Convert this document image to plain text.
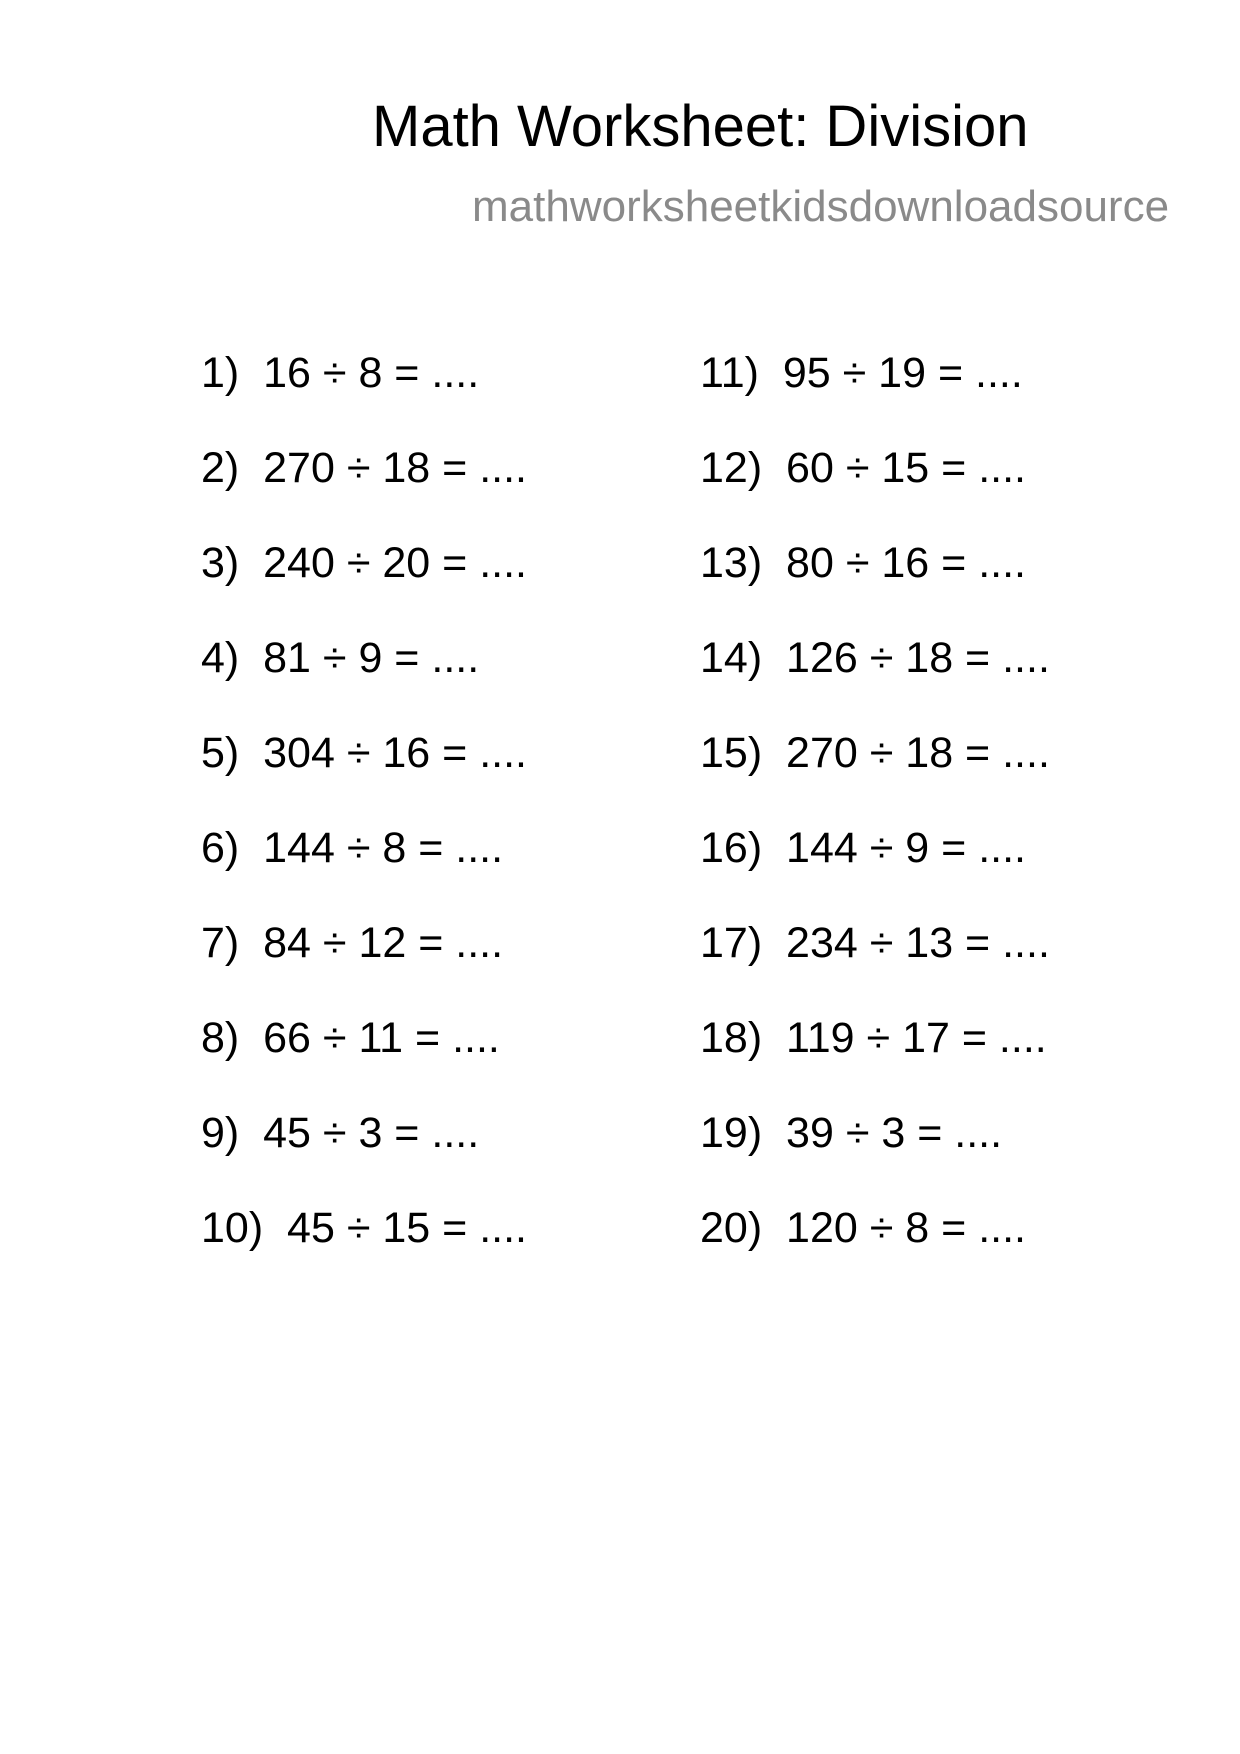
Math Worksheet: Division
mathworksheetkidsdownloadsource
1)  16 ÷ 8 = ....
2)  270 ÷ 18 = ....
3)  240 ÷ 20 = ....
4)  81 ÷ 9 = ....
5)  304 ÷ 16 = ....
6)  144 ÷ 8 = ....
7)  84 ÷ 12 = ....
8)  66 ÷ 11 = ....
9)  45 ÷ 3 = ....
10)  45 ÷ 15 = ....
11)  95 ÷ 19 = ....
12)  60 ÷ 15 = ....
13)  80 ÷ 16 = ....
14)  126 ÷ 18 = ....
15)  270 ÷ 18 = ....
16)  144 ÷ 9 = ....
17)  234 ÷ 13 = ....
18)  119 ÷ 17 = ....
19)  39 ÷ 3 = ....
20)  120 ÷ 8 = ....
